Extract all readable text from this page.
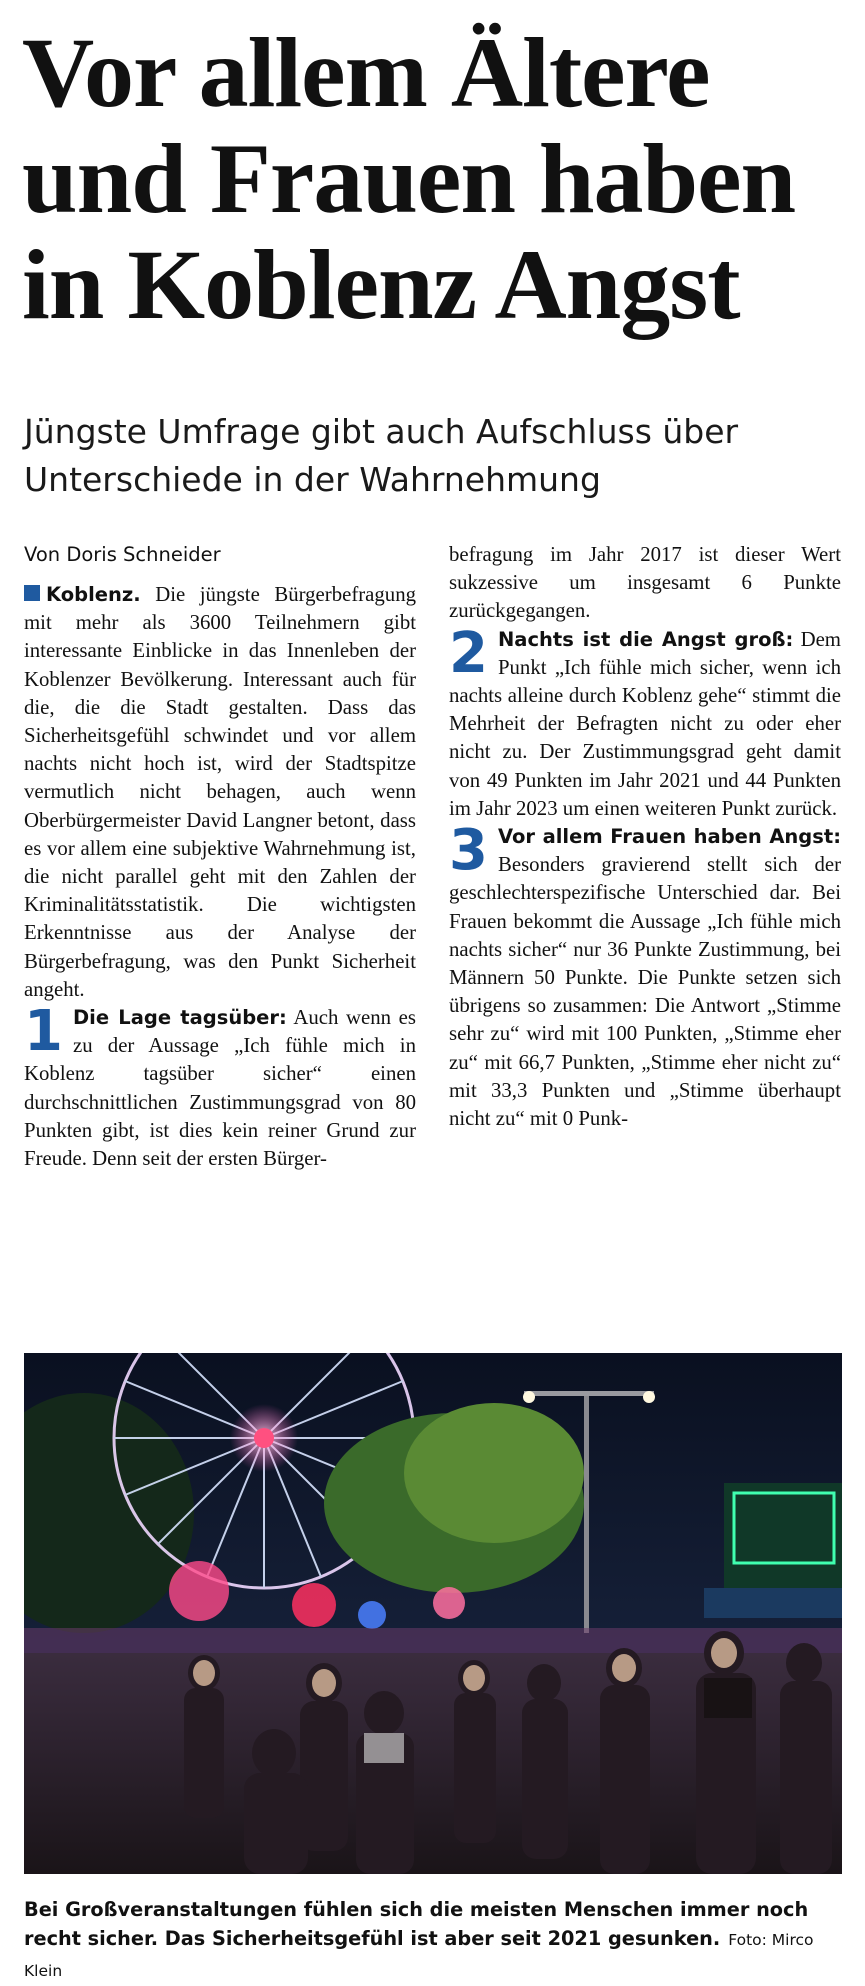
Vor allem Ältere und Frauen haben in Koblenz Angst
Jüngste Umfrage gibt auch Aufschluss über Unterschiede in der Wahrnehmung

Von Doris Schneider

Koblenz. Die jüngste Bürgerbefragung mit mehr als 3600 Teilnehmern gibt interessante Einblicke in das Innenleben der Koblenzer Bevölkerung. Interessant auch für die, die die Stadt gestalten. Dass das Sicherheitsgefühl schwindet und vor allem nachts nicht hoch ist, wird der Stadtspitze vermutlich nicht behagen, auch wenn Oberbürgermeister David Langner betont, dass es vor allem eine subjektive Wahrnehmung ist, die nicht parallel geht mit den Zahlen der Kriminalitätsstatistik. Die wichtigsten Erkenntnisse aus der Analyse der Bürgerbefragung, was den Punkt Sicherheit angeht.

1 Die Lage tagsüber: Auch wenn es zu der Aussage „Ich fühle mich in Koblenz tagsüber sicher“ einen durchschnittlichen Zustimmungsgrad von 80 Punkten gibt, ist dies kein reiner Grund zur Freude. Denn seit der ersten Bürger-

befragung im Jahr 2017 ist dieser Wert sukzessive um insgesamt 6 Punkte zurückgegangen.

2 Nachts ist die Angst groß: Dem Punkt „Ich fühle mich sicher, wenn ich nachts alleine durch Koblenz gehe“ stimmt die Mehrheit der Befragten nicht zu oder eher nicht zu. Der Zustimmungsgrad geht damit von 49 Punkten im Jahr 2021 und 44 Punkten im Jahr 2023 um einen weiteren Punkt zurück.

3 Vor allem Frauen haben Angst: Besonders gravierend stellt sich der geschlechterspezifische Unterschied dar. Bei Frauen bekommt die Aussage „Ich fühle mich nachts sicher“ nur 36 Punkte Zustimmung, bei Männern 50 Punkte. Die Punkte setzen sich übrigens so zusammen: Die Antwort „Stimme sehr zu“ wird mit 100 Punkten, „Stimme eher zu“ mit 66,7 Punkten, „Stimme eher nicht zu“ mit 33,3 Punkten und „Stimme überhaupt nicht zu“ mit 0 Punk-

Bei Großveranstaltungen fühlen sich die meisten Menschen immer noch recht sicher. Das Sicherheitsgefühl ist aber seit 2021 gesunken. Foto: Mirco Klein
